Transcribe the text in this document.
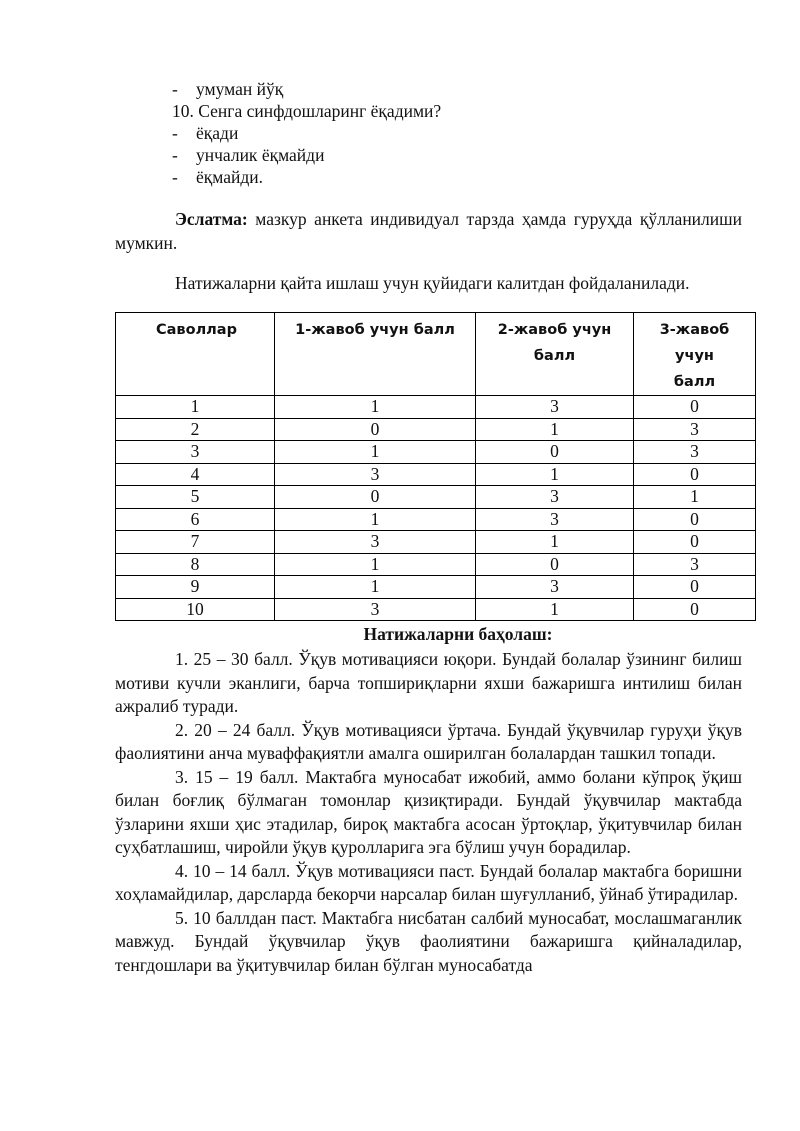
- умуман йўқ
10. Сенга синфдошларинг ёқадими?
- ёқади
- унчалик ёқмайди
- ёқмайди.

Эслатма: мазкур анкета индивидуал тарзда ҳамда гуруҳда қўлланилиши мумкин.

Натижаларни қайта ишлаш учун қуйидаги калитдан фойдаланилади.
Саволлар	1-жавоб учун балл	2-жавоб учун балл	3-жавоб учун балл
1	1	3	0
2	0	1	3
3	1	0	3
4	3	1	0
5	0	3	1
6	1	3	0
7	3	1	0
8	1	0	3
9	1	3	0
10	3	1	0
Натижаларни баҳолаш:

1. 25 – 30 балл. Ўқув мотивацияси юқори. Бундай болалар ўзининг билиш мотиви кучли эканлиги, барча топшириқларни яхши бажаришга интилиш билан ажралиб туради.

2. 20 – 24 балл. Ўқув мотивацияси ўртача. Бундай ўқувчилар гуруҳи ўқув фаолиятини анча муваффақиятли амалга оширилган болалардан ташкил топади.

3. 15 – 19 балл. Мактабга муносабат ижобий, аммо болани кўпроқ ўқиш билан боғлиқ бўлмаган томонлар қизиқтиради. Бундай ўқувчилар мактабда ўзларини яхши ҳис этадилар, бироқ мактабга асосан ўртоқлар, ўқитувчилар билан суҳбатлашиш, чиройли ўқув қуролларига эга бўлиш учун борадилар.

4. 10 – 14 балл. Ўқув мотивацияси паст. Бундай болалар мактабга боришни хоҳламайдилар, дарсларда бекорчи нарсалар билан шуғулланиб, ўйнаб ўтирадилар.

5. 10 баллдан паст. Мактабга нисбатан салбий муносабат, мослашмаганлик мавжуд. Бундай ўқувчилар ўқув фаолиятини бажаришга қийналадилар, тенгдошлари ва ўқитувчилар билан бўлган муносабатда
